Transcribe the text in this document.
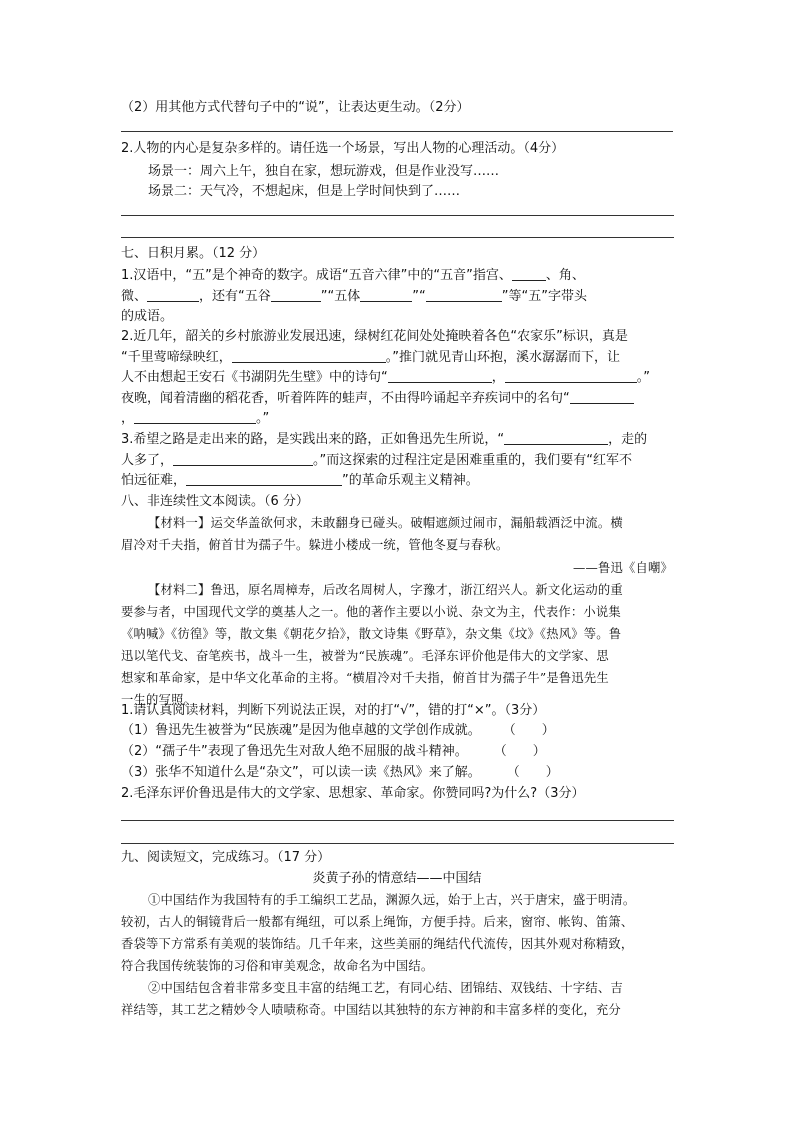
（2）用其他方式代替句子中的“说”，让表达更生动。（2分）
2.人物的内心是复杂多样的。请任选一个场景，写出人物的心理活动。（4分）
场景一：周六上午，独自在家，想玩游戏，但是作业没写……
场景二：天气冷，不想起床，但是上学时间快到了……
七、日积月累。（12 分）
1.汉语中，“五”是个神奇的数字。成语“五音六律”中的“五音”指宫、	、角、
微、	，还有“五谷	”“五体	”“	”等“五”字带头
的成语。
2.近几年，韶关的乡村旅游业发展迅速，绿树红花间处处掩映着各色“农家乐”标识，真是
“千里莺啼绿映红，	。”推门就见青山环抱，溪水潺潺而下，让
人不由想起王安石《书湖阴先生壁》中的诗句“	，	。”
夜晚，闻着清幽的稻花香，听着阵阵的蛙声，不由得吟诵起辛弃疾词中的名句“
，	。”
3.希望之路是走出来的路，是实践出来的路，正如鲁迅先生所说，“	，走的
人多了，	。”而这探索的过程注定是困难重重的，我们要有“红军不
怕远征难，	”的革命乐观主义精神。
八、非连续性文本阅读。（6 分）
【材料一】运交华盖欲何求，未敢翻身已碰头。破帽遮颜过闹市，漏船载酒泛中流。横
眉冷对千夫指，俯首甘为孺子牛。躲进小楼成一统，管他冬夏与春秋。
——鲁迅《自嘲》
【材料二】鲁迅，原名周樟寿，后改名周树人，字豫才，浙江绍兴人。新文化运动的重
要参与者，中国现代文学的奠基人之一。他的著作主要以小说、杂文为主，代表作：小说集
《呐喊》《彷徨》等，散文集《朝花夕拾》，散文诗集《野草》，杂文集《坟》《热风》等。鲁
迅以笔代戈、奋笔疾书，战斗一生，被誉为“民族魂”。毛泽东评价他是伟大的文学家、思
想家和革命家，是中华文化革命的主将。“横眉冷对千夫指，俯首甘为孺子牛”是鲁迅先生
一生的写照。
1.请认真阅读材料，判断下列说法正误，对的打“√”，错的打“×”。（3分）
（1）鲁迅先生被誉为“民族魂”是因为他卓越的文学创作成就。 （　　）
（2）“孺子牛”表现了鲁迅先生对敌人绝不屈服的战斗精神。 （　　）
（3）张华不知道什么是“杂文”，可以读一读《热风》来了解。 （　　）
2.毛泽东评价鲁迅是伟大的文学家、思想家、革命家。你赞同吗?为什么?（3分）
九、阅读短文，完成练习。（17 分）
炎黄子孙的情意结——中国结
①中国结作为我国特有的手工编织工艺品，渊源久远，始于上古，兴于唐宋，盛于明清。
较初，古人的铜镜背后一般都有绳纽，可以系上绳饰，方便手持。后来，窗帘、帐钩、笛箫、
香袋等下方常系有美观的装饰结。几千年来，这些美丽的绳结代代流传，因其外观对称精致，
符合我国传统装饰的习俗和审美观念，故命名为中国结。
②中国结包含着非常多变且丰富的结绳工艺，有同心结、团锦结、双钱结、十字结、吉
祥结等，其工艺之精妙令人啧啧称奇。中国结以其独特的东方神韵和丰富多样的变化，充分
